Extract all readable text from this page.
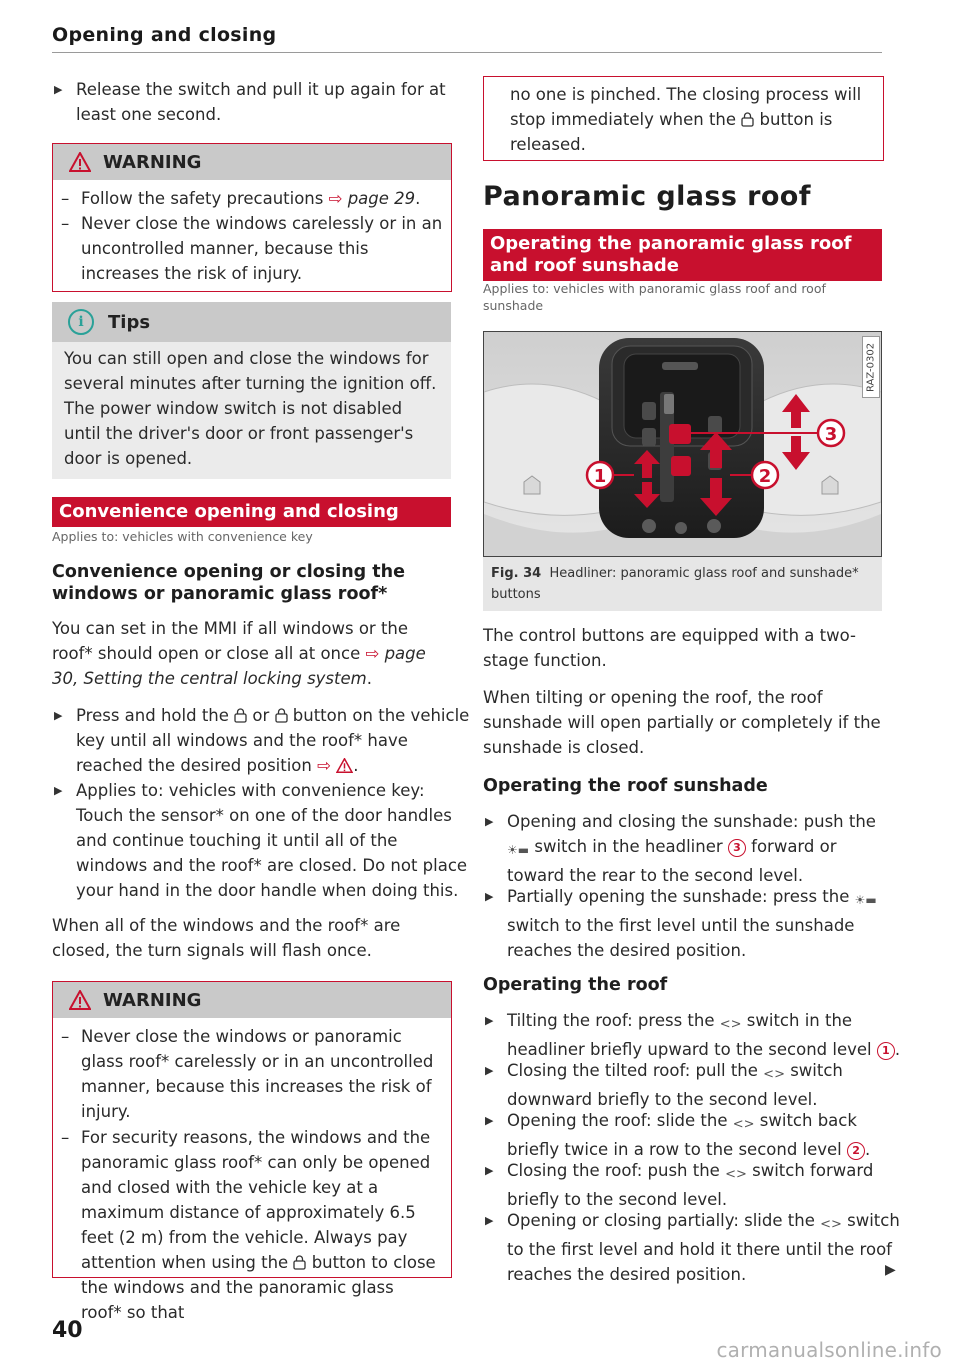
Opening and closing

▶ Release the switch and pull it up again for at least one second.

WARNING

– Follow the safety precautions ⇨ page 29.

– Never close the windows carelessly or in an uncontrolled manner, because this increases the risk of injury.

i	Tips

You can still open and close the windows for several minutes after turning the ignition off. The power window switch is not disabled until the driver's door or front passenger's door is opened.

Convenience opening and closing
Applies to: vehicles with convenience key
Convenience opening or closing the windows or panoramic glass roof*

You can set in the MMI if all windows or the roof* should open or close all at once ⇨ page 30, Setting the central locking system.

▶ Press and hold the  or  button on the vehicle key until all windows and the roof* have reached the desired position ⇨ .

▶ Applies to: vehicles with convenience key: Touch the sensor* on one of the door handles and continue touching it until all of the windows and the roof* are closed. Do not place your hand in the door handle when doing this.

When all of the windows and the roof* are closed, the turn signals will flash once.

WARNING

– Never close the windows or panoramic glass roof* carelessly or in an uncontrolled manner, because this increases the risk of injury.

– For security reasons, the windows and the panoramic glass roof* can only be opened and closed with the vehicle key at a maximum distance of approximately 6.5 feet (2 m) from the vehicle. Always pay attention when using the  button to close the windows and the panoramic glass roof* so that

no one is pinched. The closing process will stop immediately when the  button is released.

Panoramic glass roof
Operating the panoramic glass roof and roof sunshade
Applies to: vehicles with panoramic glass roof and roof sunshade
1	2
3
RAZ-0302
Fig. 34 Headliner: panoramic glass roof and sunshade* buttons

The control buttons are equipped with a two-stage function.

When tilting or opening the roof, the roof sunshade will open partially or completely if the sunshade is closed.

Operating the roof sunshade

▶ Opening and closing the sunshade: push the ☀▬ switch in the headliner 3 forward or toward the rear to the second level.

▶ Partially opening the sunshade: press the ☀▬ switch to the first level until the sunshade reaches the desired position.

Operating the roof

▶ Tilting the roof: press the <> switch in the headliner briefly upward to the second level 1 .

▶ Closing the tilted roof: pull the <> switch downward briefly to the second level.

▶ Opening the roof: slide the <> switch back briefly twice in a row to the second level 2 .

▶ Closing the roof: push the <> switch forward briefly to the second level.

▶ Opening or closing partially: slide the <> switch to the first level and hold it there until the roof reaches the desired position.	▶
40
carmanualsonline.info
